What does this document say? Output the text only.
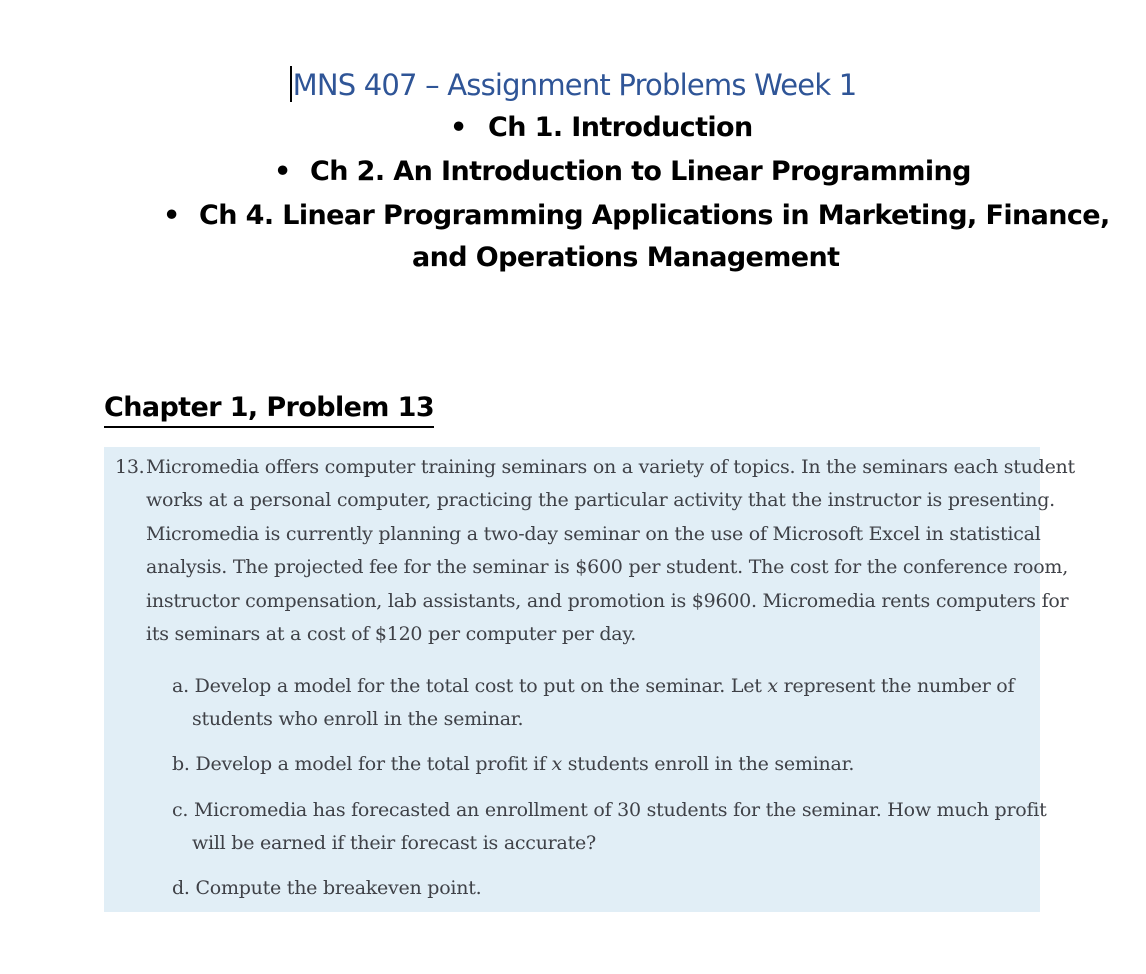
MNS 407 – Assignment Problems Week 1
• Ch 1. Introduction
• Ch 2. An Introduction to Linear Programming
• Ch 4. Linear Programming Applications in Marketing, Finance,
and Operations Management
Chapter 1, Problem 13
13. Micromedia offers computer training seminars on a variety of topics. In the seminars each student
works at a personal computer, practicing the particular activity that the instructor is presenting.
Micromedia is currently planning a two-day seminar on the use of Microsoft Excel in statistical
analysis. The projected fee for the seminar is $600 per student. The cost for the conference room,
instructor compensation, lab assistants, and promotion is $9600. Micromedia rents computers for
its seminars at a cost of $120 per computer per day.
a. Develop a model for the total cost to put on the seminar. Let x represent the number of
students who enroll in the seminar.
b. Develop a model for the total profit if x students enroll in the seminar.
c. Micromedia has forecasted an enrollment of 30 students for the seminar. How much profit
will be earned if their forecast is accurate?
d. Compute the breakeven point.
